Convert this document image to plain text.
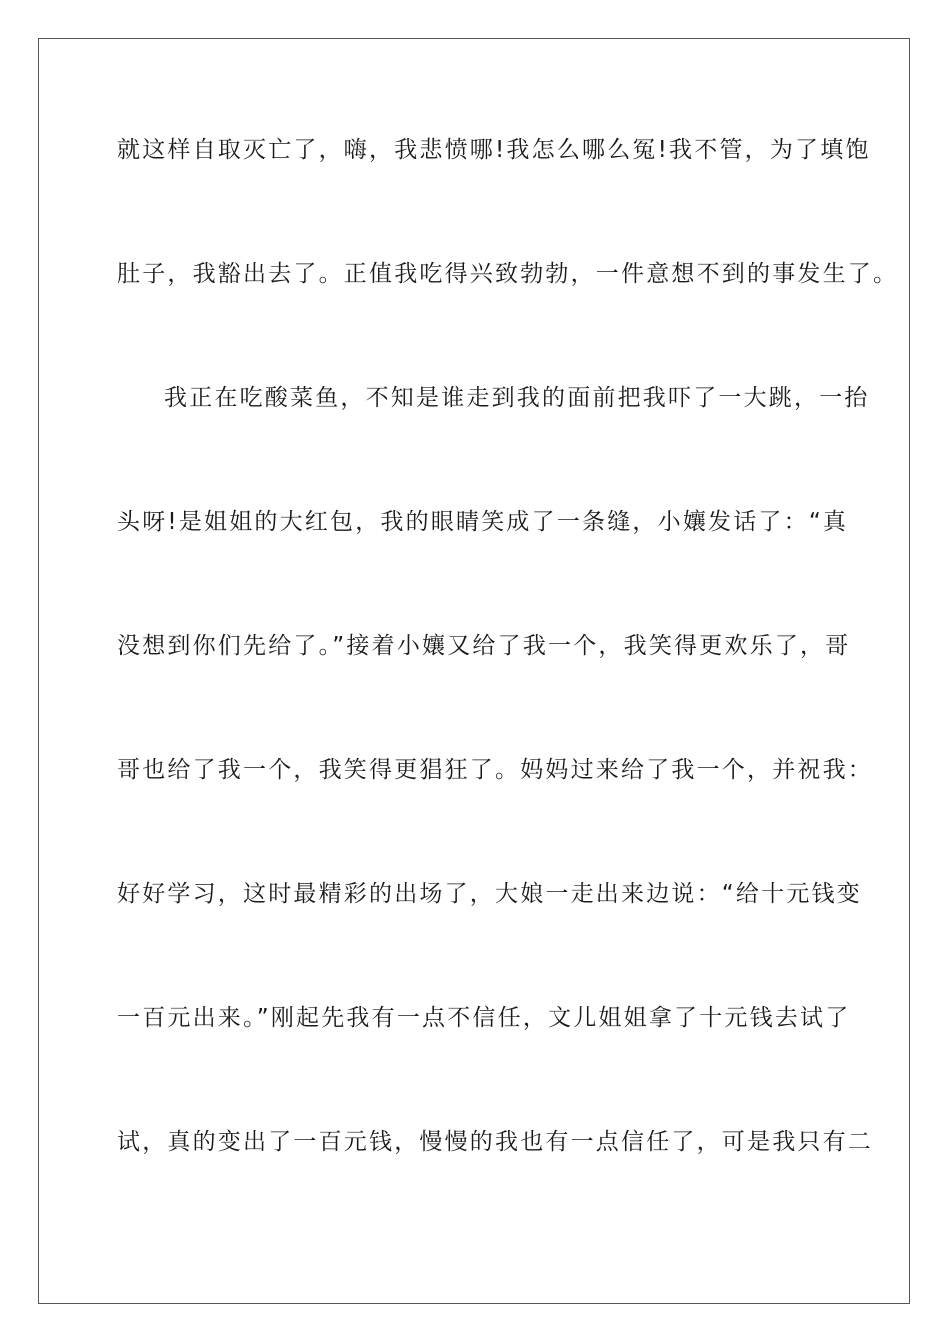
就这样自取灭亡了，嗨，我悲愤哪!我怎么哪么冤!我不管，为了填饱

肚子，我豁出去了。正值我吃得兴致勃勃，一件意想不到的事发生了。

我正在吃酸菜鱼，不知是谁走到我的面前把我吓了一大跳，一抬

头呀!是姐姐的大红包，我的眼睛笑成了一条缝，小孃发话了：“真

没想到你们先给了。”接着小孃又给了我一个，我笑得更欢乐了，哥

哥也给了我一个，我笑得更猖狂了。妈妈过来给了我一个，并祝我：

好好学习，这时最精彩的出场了，大娘一走出来边说：“给十元钱变

一百元出来。”刚起先我有一点不信任，文儿姐姐拿了十元钱去试了

试，真的变出了一百元钱，慢慢的我也有一点信任了，可是我只有二
